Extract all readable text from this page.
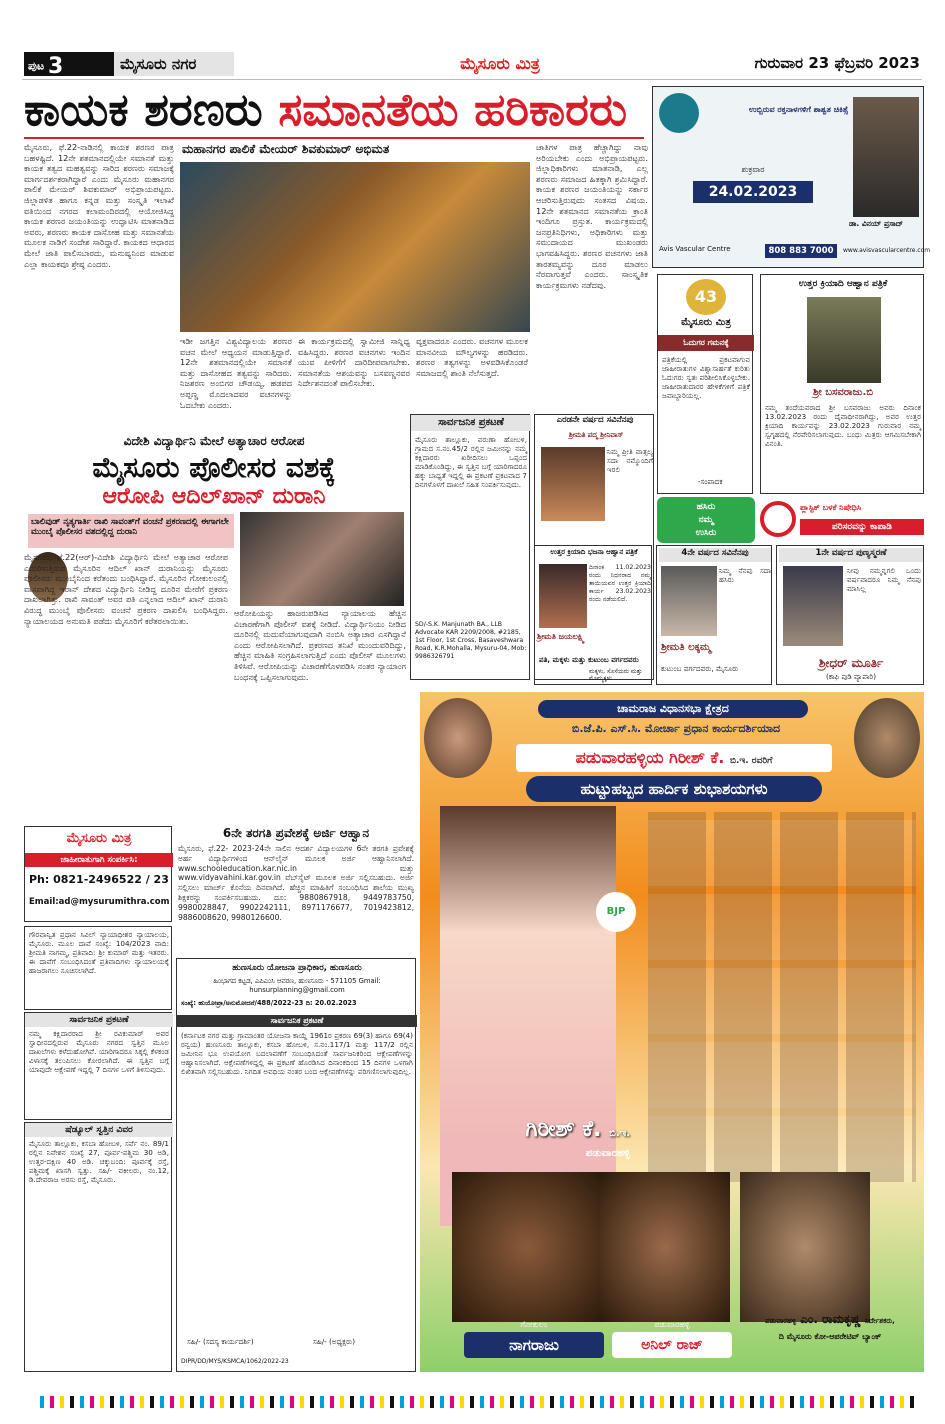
ಪುಟ 3	ಮೈಸೂರು ನಗರ	ಮೈಸೂರು ಮಿತ್ರ	ಗುರುವಾರ 23 ಫೆಬ್ರವರಿ 2023
ಕಾಯಕ ಶರಣರು ಸಮಾನತೆಯ ಹರಿಕಾರರು	ಉಬ್ಬಿರುವ ರಕ್ತನಾಳಗಳಿಗೆ ಶಾಶ್ವತ ಚಿಕಿತ್ಸೆ
24.02.2023
ಶುಕ್ರವಾರ
ಡಾ. ವಿನಯ್ ಪ್ರಸಾದ್
Avis Vascular Centre	808 883 7000	www.avisvascularcentre.com
ಮೈಸೂರು, ಫೆ.22-ನಾಡಿನಲ್ಲಿ ಕಾಯಕ ಶರಣರ ಪಾತ್ರ ಬಹಳಷ್ಟಿದೆ. 12ನೇ ಶತಮಾನದಲ್ಲಿಯೇ ಸಮಾನತೆ ಮತ್ತು ಕಾಯಕ ತತ್ವದ ಮಹತ್ವವನ್ನು ಸಾರಿದ ಶರಣರು ಸಮಾಜಕ್ಕೆ ಮಾರ್ಗದರ್ಶಕರಾಗಿದ್ದಾರೆ ಎಂದು ಮೈಸೂರು ಮಹಾನಗರ ಪಾಲಿಕೆ ಮೇಯರ್ ಶಿವಕುಮಾರ್ ಅಭಿಪ್ರಾಯಪಟ್ಟರು. ಜಿಲ್ಲಾಡಳಿತ ಹಾಗೂ ಕನ್ನಡ ಮತ್ತು ಸಂಸ್ಕೃತಿ ಇಲಾಖೆ ವತಿಯಿಂದ ನಗರದ ಕಲಾಮಂದಿರದಲ್ಲಿ ಆಯೋಜಿಸಿದ್ದ ಕಾಯಕ ಶರಣರ ಜಯಂತಿಯನ್ನು ಉದ್ಘಾಟಿಸಿ ಮಾತನಾಡಿದ ಅವರು, ಶರಣರು ಕಾಯಕ ದಾಸೋಹ ಮತ್ತು ಸಮಾನತೆಯ ಮೂಲಕ ನಾಡಿಗೆ ಸಂದೇಶ ಸಾರಿದ್ದಾರೆ. ಕಾಯಕದ ಆಧಾರದ ಮೇಲೆ ಜಾತಿ ಪಾಲಿಸಬಾರದು, ಮನುಷ್ಯನಿಂದ ಮಾಡುವ ಎಲ್ಲಾ ಕಾಯಕವೂ ಶ್ರೇಷ್ಠ ಎಂದರು.
ಮಹಾನಗರ ಪಾಲಿಕೆ ಮೇಯರ್ ಶಿವಕುಮಾರ್ ಅಭಿಮತ
ಇಡೀ ಜಗತ್ತಿನ ವಿಶ್ವವಿದ್ಯಾಲಯ ಶರಣರ ವಚನ ಮೇಲೆ ಆಧ್ಯಯನ ಮಾಡುತ್ತಿದ್ದಾರೆ. 12ನೇ ಶತಮಾನದಲ್ಲಿಯೇ ಸಮಾನತೆ ಮತ್ತು ದಾಸೋಹದ ತತ್ವವನ್ನು ಸಾರಿದರು. ನಿಜಶರಣ ಅಂಬಿಗರ ಚೌಡಯ್ಯ, ಹಡಪದ ಅಪ್ಪಣ್ಣ ಮೊದಲಾದವರ ವಚನಗಳನ್ನು ಓದಬೇಕು ಎಂದರು.
ಈ ಕಾರ್ಯಕ್ರಮದಲ್ಲಿ ಸ್ವಾಮೀಜಿ ಸಾನ್ನಿಧ್ಯ ವಹಿಸಿದ್ದರು. ಶರಣರ ವಚನಗಳು ಇಂದಿನ ಯುವ ಪೀಳಿಗೆಗೆ ದಾರಿದೀಪವಾಗಬೇಕು. ಸಮಾನತೆಯ ಆಶಯವನ್ನು ಬಸವಣ್ಣನವರ ನಿರ್ದೇಶನದಂತೆ ಪಾಲಿಸಬೇಕು.
ವ್ಯಕ್ತವಾದರೂ ಎಂದರು. ವಚನಗಳ ಮೂಲಕ ಮಾನವೀಯ ಮೌಲ್ಯಗಳನ್ನು ಹರಡಿದರು. ಶರಣರ ತತ್ವಗಳನ್ನು ಅಳವಡಿಸಿಕೊಂಡರೆ ಸಮಾಜದಲ್ಲಿ ಶಾಂತಿ ನೆಲೆಸುತ್ತದೆ.
ಜಾತಿಗಳ ಪಾತ್ರ ಹೆಚ್ಚಾಗಿದ್ದು ನಾವು ಅರಿಯಬೇಕು ಎಂದು ಅಭಿಪ್ರಾಯಪಟ್ಟರು. ಜಿಲ್ಲಾಧಿಕಾರಿಗಳು ಮಾತನಾಡಿ, ಎಲ್ಲ ಶರಣರು ಸಮಾಜದ ಹಿತಕ್ಕಾಗಿ ಶ್ರಮಿಸಿದ್ದಾರೆ. ಕಾಯಕ ಶರಣರ ಜಯಂತಿಯನ್ನು ಸರ್ಕಾರ ಆಚರಿಸುತ್ತಿರುವುದು ಸಂತಸದ ವಿಷಯ. 12ನೇ ಶತಮಾನದ ಸಮಾನತೆಯ ಕ್ರಾಂತಿ ಇಂದಿಗೂ ಪ್ರಸ್ತುತ. ಕಾರ್ಯಕ್ರಮದಲ್ಲಿ ಜನಪ್ರತಿನಿಧಿಗಳು, ಅಧಿಕಾರಿಗಳು ಮತ್ತು ಸಮುದಾಯದ ಮುಖಂಡರು ಭಾಗವಹಿಸಿದ್ದರು. ಶರಣರ ವಚನಗಳು ಜಾತಿ ತಾರತಮ್ಯವನ್ನು ದೂರ ಮಾಡಲು ನೆರವಾಗುತ್ತವೆ ಎಂದರು. ಸಾಂಸ್ಕೃತಿಕ ಕಾರ್ಯಕ್ರಮಗಳು ನಡೆದವು.
43
ಮೈಸೂರು ಮಿತ್ರ
ಓದುಗರ ಗಮನಕ್ಕೆ
ಪತ್ರಿಕೆಯಲ್ಲಿ ಪ್ರಕಟವಾಗುವ ಜಾಹೀರಾತುಗಳ ವಿಶ್ವಾಸಾರ್ಹತೆ ಕುರಿತು ಓದುಗರು ಸ್ವತಃ ಪರಿಶೀಲಿಸಿಕೊಳ್ಳಬೇಕು. ಜಾಹೀರಾತುದಾರರ ಹೇಳಿಕೆಗಳಿಗೆ ಪತ್ರಿಕೆ ಜವಾಬ್ದಾರಿಯಲ್ಲ.
-ಸಂಪಾದಕ
ಉತ್ತರ ಕ್ರಿಯಾದಿ ಆಹ್ವಾನ ಪತ್ರಿಕೆ
ಶ್ರೀ ಬಸವರಾಜು.ಬಿ
ನಮ್ಮ ತಂದೆಯವರಾದ ಶ್ರೀ ಬಸವರಾಜು ಅವರು ದಿನಾಂಕ 13.02.2023 ರಂದು ದೈವಾಧೀನರಾಗಿದ್ದು, ಅವರ ಉತ್ತರ ಕ್ರಿಯಾದಿ ಕಾರ್ಯವನ್ನು 23.02.2023 ಗುರುವಾರ ನಮ್ಮ ಸ್ವಗೃಹದಲ್ಲಿ ನೆರವೇರಿಸಲಾಗುವುದು. ಬಂಧು ಮಿತ್ರರು ಆಗಮಿಸಬೇಕಾಗಿ ವಿನಂತಿ.
ಹಸಿರು
ನಮ್ಮ
ಉಸಿರು
ಪ್ಲಾಸ್ಟಿಕ್ ಬಳಕೆ ನಿಷೇಧಿಸಿ
ಪರಿಸರವನ್ನು ಕಾಪಾಡಿ
ವಿದೇಶಿ ವಿದ್ಯಾರ್ಥಿನಿ ಮೇಲೆ ಅತ್ಯಾಚಾರ ಆರೋಪ
ಮೈಸೂರು ಪೊಲೀಸರ ವಶಕ್ಕೆ
ಆರೋಪಿ ಆದಿಲ್‌ಖಾನ್ ದುರಾನಿ
ಬಾಲಿವುಡ್ ನೃತ್ಯಗಾರ್ತಿ ರಾಖಿ ಸಾವಂತ್‌ಗೆ ವಂಚನೆ ಪ್ರಕರಣದಲ್ಲಿ ಈಗಾಗಲೇ ಮುಂಬೈ ಪೊಲೀಸರ ವಶದಲ್ಲಿದ್ದ ದುರಾನಿ
ಮೈಸೂರು, ಫೆ.22(ಆರ್)-ವಿದೇಶಿ ವಿದ್ಯಾರ್ಥಿನಿ ಮೇಲೆ ಅತ್ಯಾಚಾರ ಆರೋಪ ಎದುರಿಸುತ್ತಿರುವ ಮೈಸೂರಿನ ಆದಿಲ್ ಖಾನ್ ದುರಾನಿಯನ್ನು ಮೈಸೂರು ಪೊಲೀಸರು ಮುಂಬೈನಿಂದ ಕರೆತಂದು ಬಂಧಿಸಿದ್ದಾರೆ. ಮೈಸೂರಿನ ಗೋಕುಲಂನಲ್ಲಿ ವಾಸವಾಗಿದ್ದ ಇರಾನ್ ದೇಶದ ವಿದ್ಯಾರ್ಥಿನಿ ನೀಡಿದ್ದ ದೂರಿನ ಮೇರೆಗೆ ಪ್ರಕರಣ ದಾಖಲಾಗಿತ್ತು. ರಾಖಿ ಸಾವಂತ್ ಅವರ ಪತಿ ಎನ್ನಲಾದ ಆದಿಲ್ ಖಾನ್ ದುರಾನಿ ವಿರುದ್ಧ ಮುಂಬೈ ಪೊಲೀಸರು ವಂಚನೆ ಪ್ರಕರಣ ದಾಖಲಿಸಿ ಬಂಧಿಸಿದ್ದರು. ನ್ಯಾಯಾಲಯದ ಅನುಮತಿ ಪಡೆದು ಮೈಸೂರಿಗೆ ಕರೆತರಲಾಯಿತು.
ಆರೋಪಿಯನ್ನು ಹಾಜರುಪಡಿಸಿದ ನ್ಯಾಯಾಲಯ ಹೆಚ್ಚಿನ ವಿಚಾರಣೆಗಾಗಿ ಪೊಲೀಸ್ ವಶಕ್ಕೆ ನೀಡಿದೆ. ವಿದ್ಯಾರ್ಥಿನಿಯು ನೀಡಿದ ದೂರಿನಲ್ಲಿ ಮದುವೆಯಾಗುವುದಾಗಿ ನಂಬಿಸಿ ಅತ್ಯಾಚಾರ ಎಸಗಿದ್ದಾನೆ ಎಂದು ಆರೋಪಿಸಲಾಗಿದೆ. ಪ್ರಕರಣದ ತನಿಖೆ ಮುಂದುವರಿದಿದ್ದು, ಹೆಚ್ಚಿನ ಮಾಹಿತಿ ಸಂಗ್ರಹಿಸಲಾಗುತ್ತಿದೆ ಎಂದು ಪೊಲೀಸ್ ಮೂಲಗಳು ತಿಳಿಸಿವೆ. ಆರೋಪಿಯನ್ನು ವಿಚಾರಣೆಗೊಳಪಡಿಸಿ ನಂತರ ನ್ಯಾಯಾಂಗ ಬಂಧನಕ್ಕೆ ಒಪ್ಪಿಸಲಾಗುವುದು.
ಸಾರ್ವಜನಿಕ ಪ್ರಕಟಣೆ
ಮೈಸೂರು ತಾಲ್ಲೂಕು, ವರುಣಾ ಹೋಬಳಿ, ಗ್ರಾಮದ ಸ.ನಂ.45/2 ರಲ್ಲಿನ ಜಮೀನನ್ನು ನಮ್ಮ ಕಕ್ಷಿದಾರರು ಖರೀದಿಸಲು ಒಪ್ಪಂದ ಮಾಡಿಕೊಂಡಿದ್ದು, ಈ ಸ್ವತ್ತಿನ ಬಗ್ಗೆ ಯಾರಿಗಾದರೂ ಹಕ್ಕು ಬಾಧ್ಯತೆ ಇದ್ದಲ್ಲಿ ಈ ಪ್ರಕಟಣೆ ಪ್ರಕಟವಾದ 7 ದಿನಗಳೊಳಗೆ ದಾಖಲೆ ಸಹಿತ ಸಂಪರ್ಕಿಸುವುದು.
SD/-S.K. Manjunath BA., LLB Advocate KAR 2209/2008, #2185, 1st Floor, 1st Cross, Basaveshwara Road, K.R.Mohalla, Mysuru-04, Mob: 9986326791
ಎರಡನೇ ವರ್ಷದ ಸವಿನೆನಪು
ಶ್ರೀಮತಿ ಪದ್ಮ ಶ್ರೀನಿವಾಸ್
ನಿಮ್ಮ ಪ್ರೀತಿ ವಾತ್ಸಲ್ಯ ಸದಾ ನಮ್ಮೊಂದಿಗೆ ಇರಲಿ
ಪತಿ, ಮಕ್ಕಳು ಮತ್ತು ಕುಟುಂಬ ವರ್ಗದವರು
ಉತ್ತರ ಕ್ರಿಯಾದಿ ಭಜನಾ ಆಹ್ವಾನ ಪತ್ರಿಕೆ
ದಿನಾಂಕ 11.02.2023 ರಂದು ನಿಧನರಾದ ನಮ್ಮ ತಾಯಿಯವರ ಉತ್ತರ ಕ್ರಿಯಾದಿ ಕಾರ್ಯ 23.02.2023 ರಂದು ನಡೆಯಲಿದೆ.
ಶ್ರೀಮತಿ ಜಯಲಕ್ಷ್ಮಿ
ಮಕ್ಕಳು, ಸೊಸೆಯರು ಮತ್ತು ಮೊಮ್ಮಕ್ಕಳು
4ನೇ ವರ್ಷದ ಸವಿನೆನಪು
ನಿಮ್ಮ ನೆನಪು ಸದಾ ಹಸಿರು
ಶ್ರೀಮತಿ ಲಕ್ಕಮ್ಮ
ಕುಟುಂಬ ವರ್ಗದವರು, ಮೈಸೂರು
1ನೇ ವರ್ಷದ ಪುಣ್ಯಸ್ಮರಣೆ
ನೀವು ನಮ್ಮನ್ನಗಲಿ ಒಂದು ವರ್ಷವಾದರೂ ನಿಮ್ಮ ನೆನಪು ಮಾಸಿಲ್ಲ
ಶ್ರೀಧರ್ ಮೂರ್ತಿ
(ಕಾಫಿ ಪುಡಿ ವ್ಯಾಪಾರಿ)
ಮೈಸೂರು ಮಿತ್ರ
ಜಾಹೀರಾತುಗಾಗಿ ಸಂಪರ್ಕಿಸಿ:
Ph: 0821-2496522 / 23
Email:ad@mysurumithra.com
ಗೌರವಾನ್ವಿತ ಪ್ರಧಾನ ಸಿವಿಲ್ ನ್ಯಾಯಾಧೀಶರ ನ್ಯಾಯಾಲಯ, ಮೈಸೂರು. ಮೂಲ ದಾವೆ ಸಂಖ್ಯೆ: 104/2023 ವಾದಿ: ಶ್ರೀಮತಿ ನಾಗಮ್ಮ, ಪ್ರತಿವಾದಿ: ಶ್ರೀ ಕುಮಾರ್ ಮತ್ತು ಇತರರು. ಈ ದಾವೆಗೆ ಸಂಬಂಧಿಸಿದಂತೆ ಪ್ರತಿವಾದಿಗಳು ನ್ಯಾಯಾಲಯಕ್ಕೆ ಹಾಜರಾಗಲು ಸೂಚಿಸಲಾಗಿದೆ.
ಸಾರ್ವಜನಿಕ ಪ್ರಕಟಣೆ
ನಮ್ಮ ಕಕ್ಷಿದಾರರಾದ ಶ್ರೀ ರವಿಕುಮಾರ್ ಅವರ ಸ್ವಾಧೀನದಲ್ಲಿರುವ ಮೈಸೂರು ನಗರದ ಸ್ವತ್ತಿನ ಮೂಲ ದಾಖಲೆಗಳು ಕಳೆದುಹೋಗಿವೆ. ಯಾರಿಗಾದರೂ ಸಿಕ್ಕಲ್ಲಿ ಕೆಳಕಂಡ ವಿಳಾಸಕ್ಕೆ ತಲುಪಿಸಲು ಕೋರಲಾಗಿದೆ. ಈ ಸ್ವತ್ತಿನ ಬಗ್ಗೆ ಯಾವುದೇ ಆಕ್ಷೇಪಣೆ ಇದ್ದಲ್ಲಿ 7 ದಿನಗಳ ಒಳಗೆ ತಿಳಿಸುವುದು.
ಷೆಡ್ಯೂಲ್ ಸ್ವತ್ತಿನ ವಿವರ
ಮೈಸೂರು ತಾಲ್ಲೂಕು, ಕಸಬಾ ಹೋಬಳಿ, ಸರ್ವೆ ನಂ. 89/1 ರಲ್ಲಿನ ನಿವೇಶನ ಸಂಖ್ಯೆ 27, ಪೂರ್ವ-ಪಶ್ಚಿಮ 30 ಅಡಿ, ಉತ್ತರ-ದಕ್ಷಿಣ 40 ಅಡಿ. ಚಕ್ಕುಬಂದಿ: ಪೂರ್ವಕ್ಕೆ ರಸ್ತೆ, ಪಶ್ಚಿಮಕ್ಕೆ ಖಾಸಗಿ ಸ್ವತ್ತು. ಸಹಿ/- ವಕೀಲರು, ನಂ.12, ಡಿ.ದೇವರಾಜ ಅರಸು ರಸ್ತೆ, ಮೈಸೂರು.
6ನೇ ತರಗತಿ ಪ್ರವೇಶಕ್ಕೆ ಅರ್ಜಿ ಆಹ್ವಾನ
ಮೈಸೂರು, ಫೆ.22- 2023-24ನೇ ಸಾಲಿನ ಆದರ್ಶ ವಿದ್ಯಾಲಯಗಳ 6ನೇ ತರಗತಿ ಪ್ರವೇಶಕ್ಕೆ ಅರ್ಹ ವಿದ್ಯಾರ್ಥಿಗಳಿಂದ ಆನ್‌ಲೈನ್ ಮೂಲಕ ಅರ್ಜಿ ಆಹ್ವಾನಿಸಲಾಗಿದೆ. www.schooleducation.kar.nic.in ಮತ್ತು www.vidyavahini.kar.gov.in ವೆಬ್‌ಸೈಟ್ ಮೂಲಕ ಅರ್ಜಿ ಸಲ್ಲಿಸಬಹುದು. ಅರ್ಜಿ ಸಲ್ಲಿಸಲು ಮಾರ್ಚ್ ಕೊನೆಯ ದಿನವಾಗಿದೆ. ಹೆಚ್ಚಿನ ಮಾಹಿತಿಗೆ ಸಂಬಂಧಿಸಿದ ಶಾಲೆಯ ಮುಖ್ಯ ಶಿಕ್ಷಕರನ್ನು ಸಂಪರ್ಕಿಸಬಹುದು. ದೂ: 9880867918, 9449783750, 9980028847, 9902242111, 8971176677, 7019423812, 9886008620, 9980126600.
ಹುಣಸೂರು ಯೋಜನಾ ಪ್ರಾಧಿಕಾರ, ಹುಣಸೂರು
ಹಿಂಭಾಗದ ಕಟ್ಟಡ, ಎಪಿಎಂಸಿ ಆವರಣ, ಹುಣಸೂರು - 571105 Gmail: hunsurplanning@gmail.com
ಸಂಖ್ಯೆ: ಹುಯೋಪ್ರಾ/ಅನುಮೋದನೆ/488/2022-23 ದಿ: 20.02.2023
ಸಾರ್ವಜನಿಕ ಪ್ರಕಟಣೆ
(ಕರ್ನಾಟಕ ನಗರ ಮತ್ತು ಗ್ರಾಮಾಂತರ ಯೋಜನಾ ಕಾಯ್ದೆ 1961ರ ಪ್ರಕರಣ 69(3) ಹಾಗೂ 69(4) ರನ್ವಯ) ಹುಣಸೂರು ತಾಲ್ಲೂಕು, ಕಸಬಾ ಹೋಬಳಿ, ಸ.ನಂ.117/1 ಮತ್ತು 117/2 ರಲ್ಲಿನ ಜಮೀನಿನ ಭೂ ಉಪಯೋಗ ಬದಲಾವಣೆಗೆ ಸಂಬಂಧಿಸಿದಂತೆ ಸಾರ್ವಜನಿಕರಿಂದ ಆಕ್ಷೇಪಣೆಗಳನ್ನು ಆಹ್ವಾನಿಸಲಾಗಿದೆ. ಆಕ್ಷೇಪಣೆಗಳಿದ್ದಲ್ಲಿ ಈ ಪ್ರಕಟಣೆ ಹೊರಡಿಸಿದ ದಿನಾಂಕದಿಂದ 15 ದಿನಗಳ ಒಳಗಾಗಿ ಲಿಖಿತವಾಗಿ ಸಲ್ಲಿಸಬಹುದು. ನಿಗದಿತ ಅವಧಿಯ ನಂತರ ಬಂದ ಆಕ್ಷೇಪಣೆಗಳನ್ನು ಪರಿಗಣಿಸಲಾಗುವುದಿಲ್ಲ.
ಸಹಿ/- (ಸದಸ್ಯ ಕಾರ್ಯದರ್ಶಿ)	ಸಹಿ/- (ಅಧ್ಯಕ್ಷರು)
DIPR/DD/MYS/KSMCA/1062/2022-23
ಚಾಮರಾಜ ವಿಧಾನಸಭಾ ಕ್ಷೇತ್ರದ
ಬಿ.ಜೆ.ಪಿ. ಎಸ್.ಸಿ. ಮೋರ್ಚಾ ಪ್ರಧಾನ ಕಾರ್ಯದರ್ಶಿಯಾದ
ಪಡುವಾರಹಳ್ಳಿಯ ಗಿರೀಶ್ ಕೆ. ಬಿ.ಇ. ರವರಿಗೆ
ಹುಟ್ಟುಹಬ್ಬದ ಹಾರ್ದಿಕ ಶುಭಾಶಯಗಳು
BJP
ಗಿರೀಶ್ ಕೆ. ಬಿ.ಇ.
ಪಡುವಾರಹಳ್ಳಿ
ಗೋಕುಲಂ
ನಾಗರಾಜು
ಪಡುವಾರಹಳ್ಳಿ
ಅನಿಲ್ ರಾಜ್
ಪಡುವಾರಹಳ್ಳಿ ಎಂ. ರಾಮಕೃಷ್ಣ ನಿರ್ದೇಶಕರು,
ದಿ ಮೈಸೂರು ಕೋ-ಆಪರೇಟಿವ್ ಬ್ಯಾಂಕ್
